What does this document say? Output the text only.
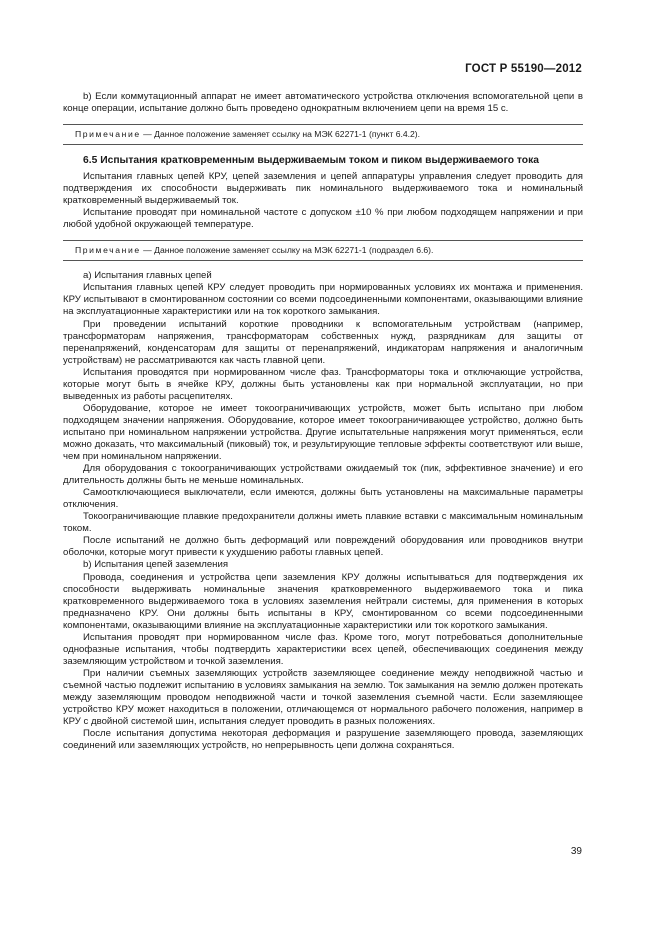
ГОСТ Р 55190—2012

b) Если коммутационный аппарат не имеет автоматического устройства отключения вспомогательной цепи в конце операции, испытание должно быть проведено однократным включением цепи на время 15 с.

Примечание — Данное положение заменяет ссылку на МЭК 62271-1 (пункт 6.4.2).
6.5 Испытания кратковременным выдерживаемым током и пиком выдерживаемого тока

Испытания главных цепей КРУ, цепей заземления и цепей аппаратуры управления следует проводить для подтверждения их способности выдерживать пик номинального выдерживаемого тока и номинальный кратковременный выдерживаемый ток.

Испытание проводят при номинальной частоте с допуском ±10 % при любом подходящем напряжении и при любой удобной окружающей температуре.

Примечание — Данное положение заменяет ссылку на МЭК 62271-1 (подраздел 6.6).

а) Испытания главных цепей

Испытания главных цепей КРУ следует проводить при нормированных условиях их монтажа и применения. КРУ испытывают в смонтированном состоянии со всеми подсоединенными компонентами, оказывающими влияние на эксплуатационные характеристики или на ток короткого замыкания.

При проведении испытаний короткие проводники к вспомогательным устройствам (например, трансформаторам напряжения, трансформаторам собственных нужд, разрядникам для защиты от перенапряжений, конденсаторам для защиты от перенапряжений, индикаторам напряжения и аналогичным устройствам) не рассматриваются как часть главной цепи.

Испытания проводятся при нормированном числе фаз. Трансформаторы тока и отключающие устройства, которые могут быть в ячейке КРУ, должны быть установлены как при нормальной эксплуатации, но при выведенных из работы расцепителях.

Оборудование, которое не имеет токоограничивающих устройств, может быть испытано при любом подходящем значении напряжения. Оборудование, которое имеет токоограничивающее устройство, должно быть испытано при номинальном напряжении устройства. Другие испытательные напряжения могут применяться, если можно доказать, что максимальный (пиковый) ток, и результирующие тепловые эффекты соответствуют или выше, чем при номинальном напряжении.

Для оборудования с токоограничивающих устройствами ожидаемый ток (пик, эффективное значение) и его длительность должны быть не меньше номинальных.

Самоотключающиеся выключатели, если имеются, должны быть установлены на максимальные параметры отключения.

Токоограничивающие плавкие предохранители должны иметь плавкие вставки с максимальным номинальным током.

После испытаний не должно быть деформаций или повреждений оборудования или проводников внутри оболочки, которые могут привести к ухудшению работы главных цепей.

b) Испытания цепей заземления

Провода, соединения и устройства цепи заземления КРУ должны испытываться для подтверждения их способности выдерживать номинальные значения кратковременного выдерживаемого тока и пика кратковременного выдерживаемого тока в условиях заземления нейтрали системы, для применения в которых предназначено КРУ. Они должны быть испытаны в КРУ, смонтированном со всеми подсоединенными компонентами, оказывающими влияние на эксплуатационные характеристики или ток короткого замыкания.

Испытания проводят при нормированном числе фаз. Кроме того, могут потребоваться дополнительные однофазные испытания, чтобы подтвердить характеристики всех цепей, обеспечивающих соединения между заземляющим устройством и точкой заземления.

При наличии съемных заземляющих устройств заземляющее соединение между неподвижной частью и съемной частью подлежит испытанию в условиях замыкания на землю. Ток замыкания на землю должен протекать между заземляющим проводом неподвижной части и точкой заземления съемной части. Если заземляющее устройство КРУ может находиться в положении, отличающемся от нормального рабочего положения, например в КРУ с двойной системой шин, испытания следует проводить в разных положениях.

После испытания допустима некоторая деформация и разрушение заземляющего провода, заземляющих соединений или заземляющих устройств, но непрерывность цепи должна сохраняться.

39
